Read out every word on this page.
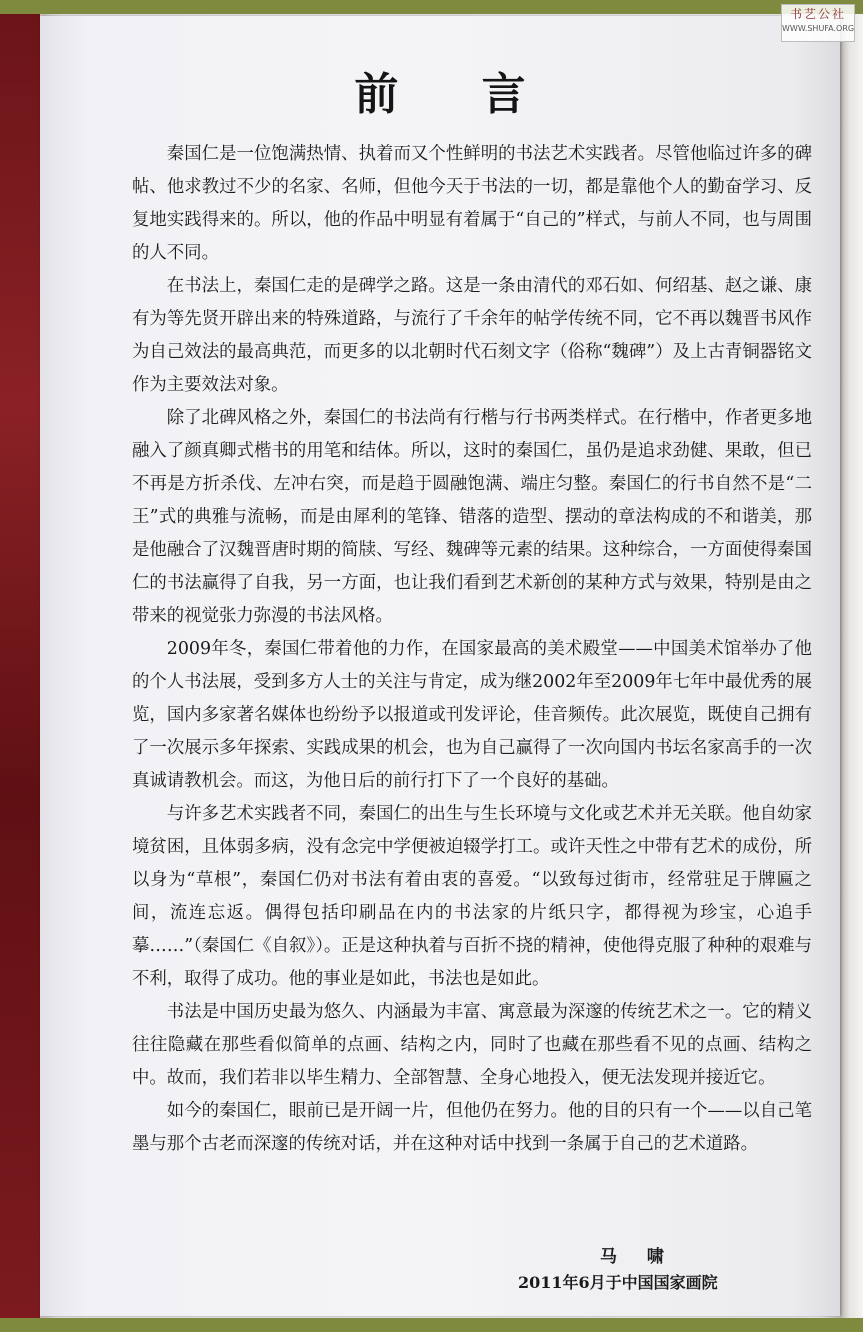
前 言

秦国仁是一位饱满热情、执着而又个性鲜明的书法艺术实践者。尽管他临过许多的碑帖、他求教过不少的名家、名师，但他今天于书法的一切，都是靠他个人的勤奋学习、反复地实践得来的。所以，他的作品中明显有着属于“自己的”样式，与前人不同，也与周围的人不同。

在书法上，秦国仁走的是碑学之路。这是一条由清代的邓石如、何绍基、赵之谦、康有为等先贤开辟出来的特殊道路，与流行了千余年的帖学传统不同，它不再以魏晋书风作为自己效法的最高典范，而更多的以北朝时代石刻文字（俗称“魏碑”）及上古青铜器铭文作为主要效法对象。

除了北碑风格之外，秦国仁的书法尚有行楷与行书两类样式。在行楷中，作者更多地融入了颜真卿式楷书的用笔和结体。所以，这时的秦国仁，虽仍是追求劲健、果敢，但已不再是方折杀伐、左冲右突，而是趋于圆融饱满、端庄匀整。秦国仁的行书自然不是“二王”式的典雅与流畅，而是由犀利的笔锋、错落的造型、摆动的章法构成的不和谐美，那是他融合了汉魏晋唐时期的简牍、写经、魏碑等元素的结果。这种综合，一方面使得秦国仁的书法赢得了自我，另一方面，也让我们看到艺术新创的某种方式与效果，特别是由之带来的视觉张力弥漫的书法风格。

2009年冬，秦国仁带着他的力作，在国家最高的美术殿堂——中国美术馆举办了他的个人书法展，受到多方人士的关注与肯定，成为继2002年至2009年七年中最优秀的展览，国内多家著名媒体也纷纷予以报道或刊发评论，佳音频传。此次展览，既使自己拥有了一次展示多年探索、实践成果的机会，也为自己赢得了一次向国内书坛名家高手的一次真诚请教机会。而这，为他日后的前行打下了一个良好的基础。

与许多艺术实践者不同，秦国仁的出生与生长环境与文化或艺术并无关联。他自幼家境贫困，且体弱多病，没有念完中学便被迫辍学打工。或许天性之中带有艺术的成份，所以身为“草根”，秦国仁仍对书法有着由衷的喜爱。“以致每过街市，经常驻足于牌匾之间，流连忘返。偶得包括印刷品在内的书法家的片纸只字，都得视为珍宝，心追手摹……”（秦国仁《自叙》）。正是这种执着与百折不挠的精神，使他得克服了种种的艰难与不利，取得了成功。他的事业是如此，书法也是如此。

书法是中国历史最为悠久、内涵最为丰富、寓意最为深邃的传统艺术之一。它的精义往往隐藏在那些看似简单的点画、结构之内，同时了也藏在那些看不见的点画、结构之中。故而，我们若非以毕生精力、全部智慧、全身心地投入，便无法发现并接近它。

如今的秦国仁，眼前已是开阔一片，但他仍在努力。他的目的只有一个——以自己笔墨与那个古老而深邃的传统对话，并在这种对话中找到一条属于自己的艺术道路。

马 啸
2011年6月于中国国家画院
书艺公社
WWW.SHUFA.ORG
